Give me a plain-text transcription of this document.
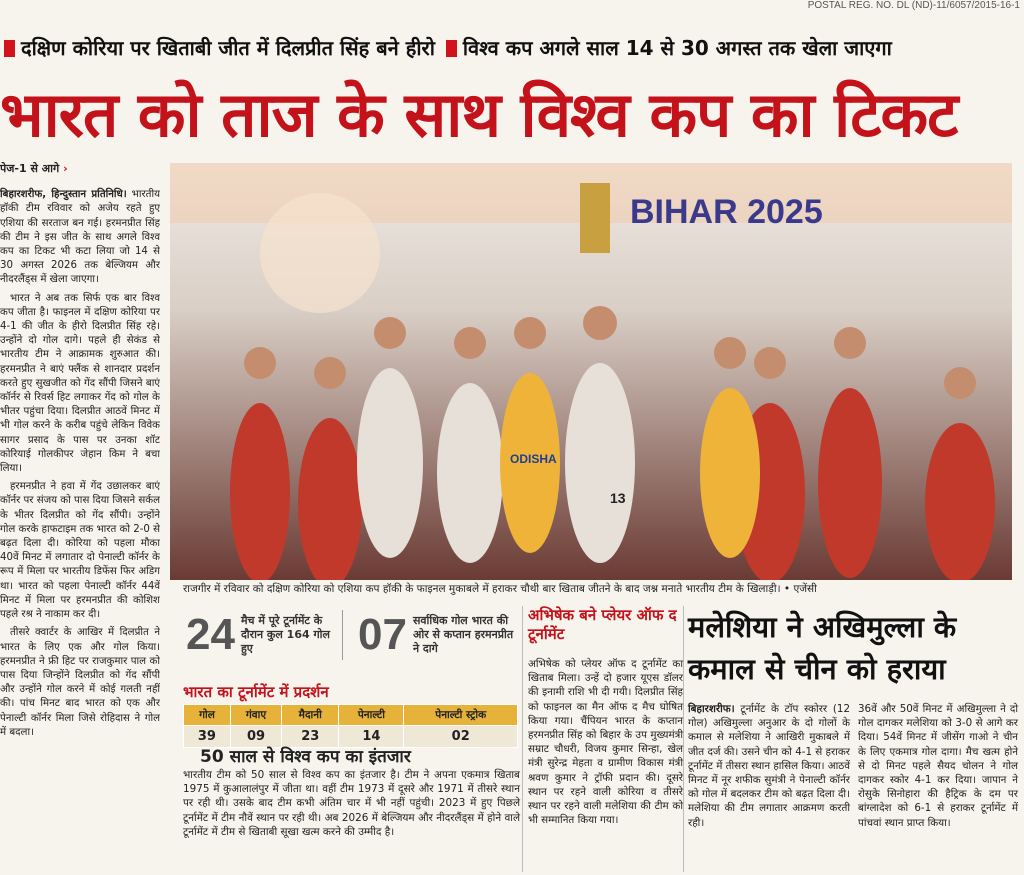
POSTAL REG. NO. DL (ND)-11/6057/2015-16-1
दक्षिण कोरिया पर खिताबी जीत में दिलप्रीत सिंह बने हीरो विश्व कप अगले साल 14 से 30 अगस्त तक खेला जाएगा
भारत को ताज के साथ विश्व कप का टिकट
पेज-1 से आगे ›

बिहारशरीफ, हिन्दुस्तान प्रतिनिधि। भारतीय हॉकी टीम रविवार को अजेय रहते हुए एशिया की सरताज बन गई। हरमनप्रीत सिंह की टीम ने इस जीत के साथ अगले विश्व कप का टिकट भी कटा लिया जो 14 से 30 अगस्त 2026 तक बेल्जियम और नीदरलैंड्स में खेला जाएगा।

भारत ने अब तक सिर्फ एक बार विश्व कप जीता है। फाइनल में दक्षिण कोरिया पर 4-1 की जीत के हीरो दिलप्रीत सिंह रहे। उन्होंने दो गोल दागे। पहले ही सेकंड से भारतीय टीम ने आक्रामक शुरुआत की। हरमनप्रीत ने बाएं फ्लैंक से शानदार प्रदर्शन करते हुए सुखजीत को गेंद सौंपी जिसने बाएं कॉर्नर से रिवर्स हिट लगाकर गेंद को गोल के भीतर पहुंचा दिया। दिलप्रीत आठवें मिनट में भी गोल करने के करीब पहुंचे लेकिन विवेक सागर प्रसाद के पास पर उनका शॉट कोरियाई गोलकीपर जेहान किम ने बचा लिया।

हरमनप्रीत ने हवा में गेंद उछालकर बाएं कॉर्नर पर संजय को पास दिया जिसने सर्कल के भीतर दिलप्रीत को गेंद सौंपी। उन्होंने गोल करके हाफटाइम तक भारत को 2-0 से बढ़त दिला दी। कोरिया को पहला मौका 40वें मिनट में लगातार दो पेनाल्टी कॉर्नर के रूप में मिला पर भारतीय डिफेंस फिर अडिग था। भारत को पहला पेनाल्टी कॉर्नर 44वें मिनट में मिला पर हरमनप्रीत की कोशिश पहले रश्र ने नाकाम कर दी।

तीसरे क्वार्टर के आखिर में दिलप्रीत ने भारत के लिए एक और गोल किया। हरमनप्रीत ने फ्री हिट पर राजकुमार पाल को पास दिया जिन्होंने दिलप्रीत को गेंद सौंपी और उन्होंने गोल करने में कोई गलती नहीं की। पांच मिनट बाद भारत को एक और पेनाल्टी कॉर्नर मिला जिसे रोहिदास ने गोल में बदला।

BIHAR 2025
ODISHA
13
राजगीर में रविवार को दक्षिण कोरिया को एशिया कप हॉकी के फाइनल मुकाबले में हराकर चौथी बार खिताब जीतने के बाद जश्न मनाते भारतीय टीम के खिलाड़ी। • एजेंसी
24 मैच में पूरे टूर्नामेंट के दौरान कुल 164 गोल हुए	07 सर्वाधिक गोल भारत की ओर से कप्तान हरमनप्रीत ने दागे
भारत का टूर्नामेंट में प्रदर्शन
गोल	गंवाए	मैदानी	पेनाल्टी	पेनाल्टी स्ट्रोक
39	09	23	14	02
50 साल से विश्व कप का इंतजार
भारतीय टीम को 50 साल से विश्व कप का इंतजार है। टीम ने अपना एकमात्र खिताब 1975 में कुआलालंपुर में जीता था। वहीं टीम 1973 में दूसरे और 1971 में तीसरे स्थान पर रही थी। उसके बाद टीम कभी अंतिम चार में भी नहीं पहुंची। 2023 में हुए पिछले टूर्नामेंट में टीम नौवें स्थान पर रही थी। अब 2026 में बेल्जियम और नीदरलैंड्स में होने वाले टूर्नामेंट में टीम से खिताबी सूखा खत्म करने की उम्मीद है।
अभिषेक बने प्लेयर ऑफ द टूर्नामेंट
अभिषेक को प्लेयर ऑफ द टूर्नामेंट का खिताब मिला। उन्हें दो हजार यूएस डॉलर की इनामी राशि भी दी गयी। दिलप्रीत सिंह को फाइनल का मैन ऑफ द मैच घोषित किया गया। चैंपियन भारत के कप्तान हरमनप्रीत सिंह को बिहार के उप मुख्यमंत्री सम्राट चौधरी, विजय कुमार सिन्हा, खेल मंत्री सुरेन्द्र मेहता व ग्रामीण विकास मंत्री श्रवण कुमार ने ट्रॉफी प्रदान की। दूसरे स्थान पर रहने वाली कोरिया व तीसरे स्थान पर रहने वाली मलेशिया की टीम को भी सम्मानित किया गया।
मलेशिया ने अखिमुल्ला के कमाल से चीन को हराया
बिहारशरीफ। टूर्नामेंट के टॉप स्कोरर (12 गोल) अखिमुल्ला अनुआर के दो गोलों के कमाल से मलेशिया ने आखिरी मुकाबले में जीत दर्ज की। उसने चीन को 4-1 से हराकर टूर्नामेंट में तीसरा स्थान हासिल किया। आठवें मिनट में नूर शफीक सुमंत्री ने पेनाल्टी कॉर्नर को गोल में बदलकर टीम को बढ़त दिला दी। मलेशिया की टीम लगातार आक्रमण करती रही।
36वें और 50वें मिनट में अखिमुल्ला ने दो गोल दागकर मलेशिया को 3-0 से आगे कर दिया। 54वें मिनट में जीसेंग गाओ ने चीन के लिए एकमात्र गोल दागा। मैच खत्म होने से दो मिनट पहले सैयद चोलन ने गोल दागकर स्कोर 4-1 कर दिया। जापान ने रोसुके सिनोहारा की हैट्रिक के दम पर बांग्लादेश को 6-1 से हराकर टूर्नामेंट में पांचवां स्थान प्राप्त किया।
